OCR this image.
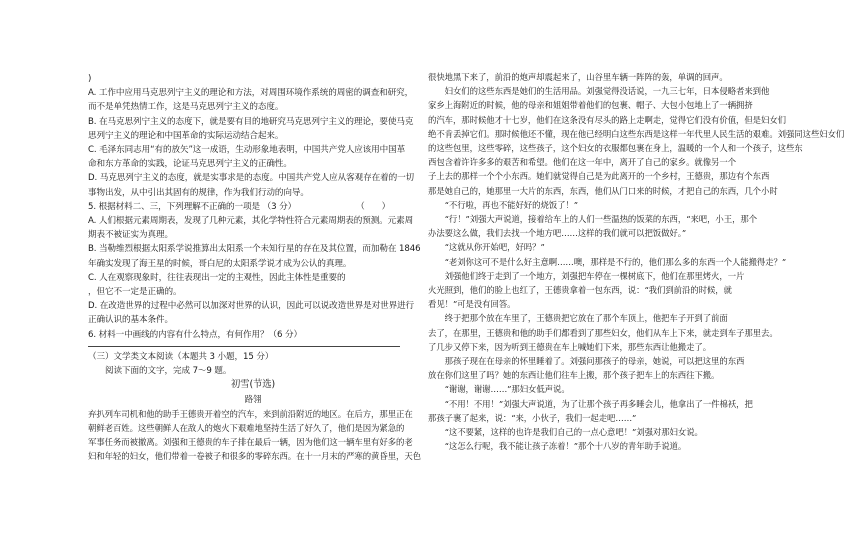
)
A. 工作中应用马克思列宁主义的理论和方法，对周围环境作系统的周密的调查和研究，
而不是单凭热情工作，这是马克思列宁主义的态度。
B. 在马克思列宁主义的态度下，就是要有目的地研究马克思列宁主义的理论，要使马克
思列宁主义的理论和中国革命的实际运动结合起来。
C. 毛泽东同志用“有的放矢”这一成语，生动形象地表明，中国共产党人应该用中国革
命和东方革命的实践，论证马克思列宁主义的正确性。
D. 马克思列宁主义的态度，就是实事求是的态度。中国共产党人应从客观存在着的一切
事物出发，从中引出其固有的规律，作为我们行动的向导。
5. 根据材料二、三，下列理解不正确的一项是 （3 分）	（　　）
A. 人们根据元素周期表，发现了几种元素，其化学特性符合元素周期表的预测。元素周
期表不被证实为真理。
B. 当勒维烈根据太阳系学说推算出太阳系一个未知行星的存在及其位置，而加勒在 1846
年确实发现了海王星的时候，哥白尼的太阳系学说才成为公认的真理。
C. 人在观察现象时，往往表现出一定的主观性，因此主体性是重要的
，但它不一定是正确的。
D. 在改造世界的过程中必然可以加深对世界的认识，因此可以说改造世界是对世界进行
正确认识的基本条件。
6. 材料一中画线的内容有什么特点，有何作用？（6 分）
（三）文学类文本阅读（本题共 3 小题，15 分）
阅读下面的文字，完成 7～9 题。
初雪(节选)
路翎
弃扒列车司机和他的助手王德贵开着空的汽车，来到前沿附近的地区。在后方，那里正在
朝鲜老百姓。这些朝鲜人在敌人的炮火下艰难地坚持生活了好久了，他们是因为紧急的
军事任务而被撤离。刘强和王德贵的车子排在最后一辆，因为他们这一辆车里有好多的老
妇和年轻的妇女，他们带着一卷被子和很多的零碎东西。在十一月末的严寒的黄昏里，天色
很快地黑下来了，前沿的炮声却震起来了，山谷里车辆一阵阵的轰，单调的回声。
　　妇女们的这些东西是她们的生活用品。刘强觉得没话说，一九三七年，日本侵略者来到他
家乡上海附近的时候，他的母亲和姐姐带着他们的包裹、帽子、大包小包地上了一辆拥挤
的汽车，那时候他才十七岁，他们在这条没有尽头的路上走啊走，觉得它们没有价值，但是妇女们
绝不肯丢掉它们。那时候他还不懂，现在他已经明白这些东西是这样一年代里人民生活的艰难。刘强同这些妇女们
的这些包里，这些零碎，这些孩子，这个妇女的衣服都包裹在身上，温暖的一个人和一个孩子，这些东
西包含着许许多多的艰苦和希望。他们在这一年中，离开了自己的家乡。就像另一个
子上去的那样一个个小东西。她们就觉得自己是为此离开的一个乡村，王德贵，那边有个东西
那是她自己的，她那里一大片的东西，东西，他们从门口来的时候，才把自己的东西，几个小时
　　“不行啦，再也不能好好的烧饭了！”
　　“行！”刘强大声说道，接着给车上的人们一些温热的饭菜的东西，“来吧，小王，那个
办法要这么做，我们去找一个地方吧……这样的我们就可以把饭做好。”
　　“这就从你开始吧，好吗？”
　　“老刘你这可不是什么好主意啊……噢，那样是不行的，他们那么多的东西一个人能搬得走？”
　　刘强他们终于走到了一个地方，刘强把车停在一棵树底下，他们在那里烤火，一片
火光照到，他们的脸上也红了，王德贵拿着一包东西，说：“我们到前沿的时候，就
看见！”可是没有回答。
　　终于把那个放在车里了，王德贵把它放在了那个车顶上，他把车子开到了前面
去了，在那里，王德贵和他的助手们都看到了那些妇女，他们从车上下来，就走到车子那里去。
了几步又停下来，因为听到王德贵在车上喊她们下来，那些东西让他搬走了。
　　那孩子现在在母亲的怀里睡着了。刘强问那孩子的母亲，她说，可以把这里的东西
放在你们这里了吗？她的东西让他们往车上搬，那个孩子把车上的东西往下搬。
　　“谢谢，谢谢……”那妇女低声说。
　　“不用！不用！”刘强大声说道，为了让那个孩子再多睡会儿，他拿出了一件棉袄，把
那孩子裹了起来，说：“来，小伙子，我们一起走吧……”
　　“这不要紧，这样的也许是我们自己的一点心意吧！”刘强对那妇女说。
　　“这怎么行呢，我不能让孩子冻着！”那个十八岁的青年助手说道。
